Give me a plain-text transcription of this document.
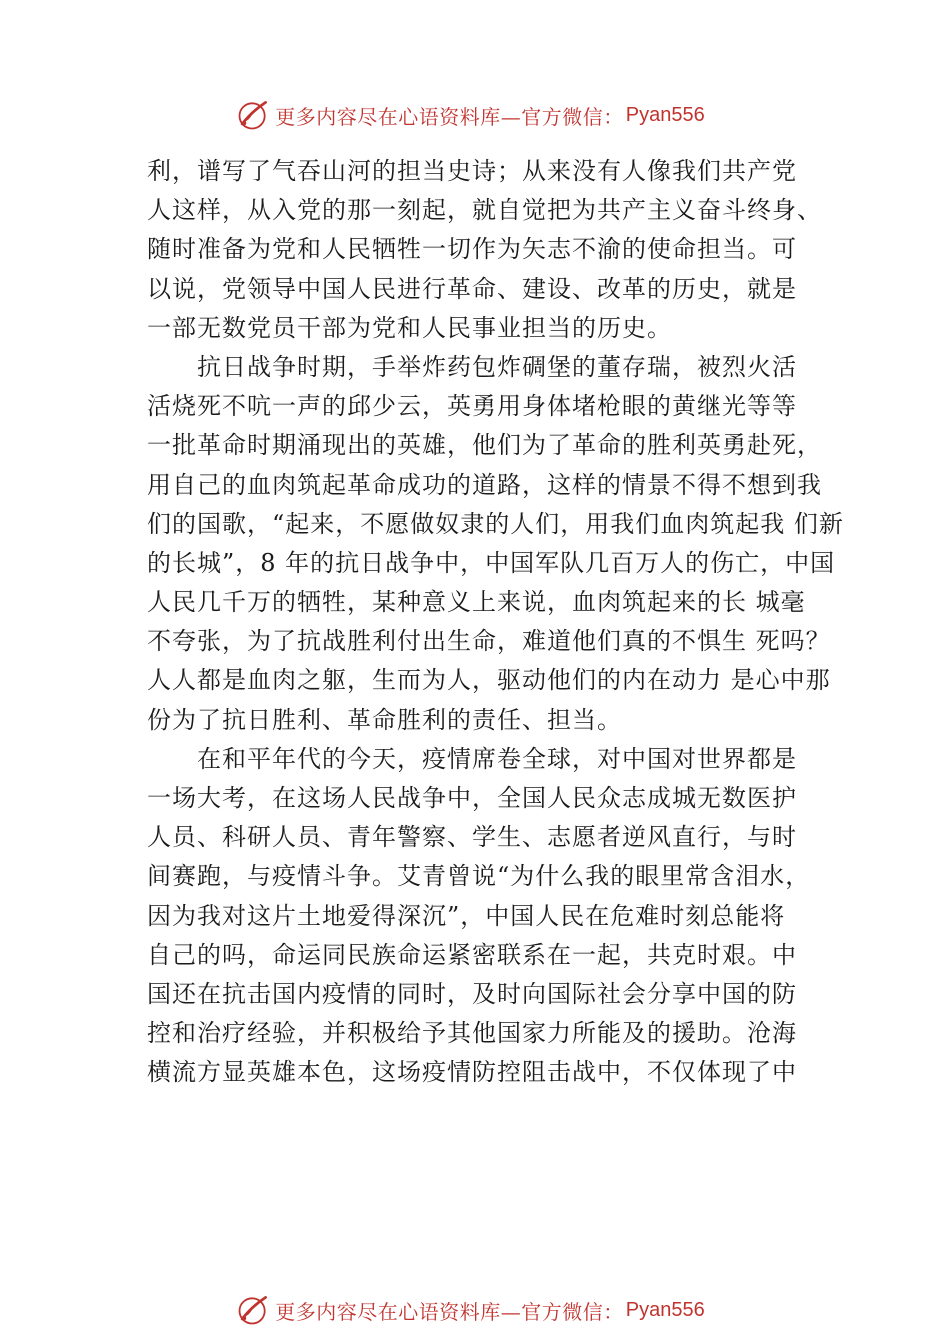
更多内容尽在心语资料库—官方微信： Pyan556
利，谱写了气吞山河的担当史诗；从来没有人像我们共产党
人这样，从入党的那一刻起，就自觉把为共产主义奋斗终身、
随时准备为党和人民牺牲一切作为矢志不渝的使命担当。可
以说，党领导中国人民进行革命、建设、改革的历史，就是
一部无数党员干部为党和人民事业担当的历史。
抗日战争时期，手举炸药包炸碉堡的董存瑞，被烈火活
活烧死不吭一声的邱少云，英勇用身体堵枪眼的黄继光等等
一批革命时期涌现出的英雄，他们为了革命的胜利英勇赴死，
用自己的血肉筑起革命成功的道路，这样的情景不得不想到我
们的国歌，“起来，不愿做奴隶的人们，用我们血肉筑起我 们新
的长城”，8 年的抗日战争中，中国军队几百万人的伤亡，中国
人民几千万的牺牲，某种意义上来说，血肉筑起来的长 城毫
不夸张，为了抗战胜利付出生命，难道他们真的不惧生 死吗？
人人都是血肉之躯，生而为人，驱动他们的内在动力 是心中那
份为了抗日胜利、革命胜利的责任、担当。
在和平年代的今天，疫情席卷全球，对中国对世界都是
一场大考，在这场人民战争中，全国人民众志成城无数医护
人员、科研人员、青年警察、学生、志愿者逆风直行，与时
间赛跑，与疫情斗争。艾青曾说“为什么我的眼里常含泪水，
因为我对这片土地爱得深沉”，中国人民在危难时刻总能将
自己的吗，命运同民族命运紧密联系在一起，共克时艰。中
国还在抗击国内疫情的同时，及时向国际社会分享中国的防
控和治疗经验，并积极给予其他国家力所能及的援助。沧海
横流方显英雄本色，这场疫情防控阻击战中，不仅体现了中
更多内容尽在心语资料库—官方微信： Pyan556
